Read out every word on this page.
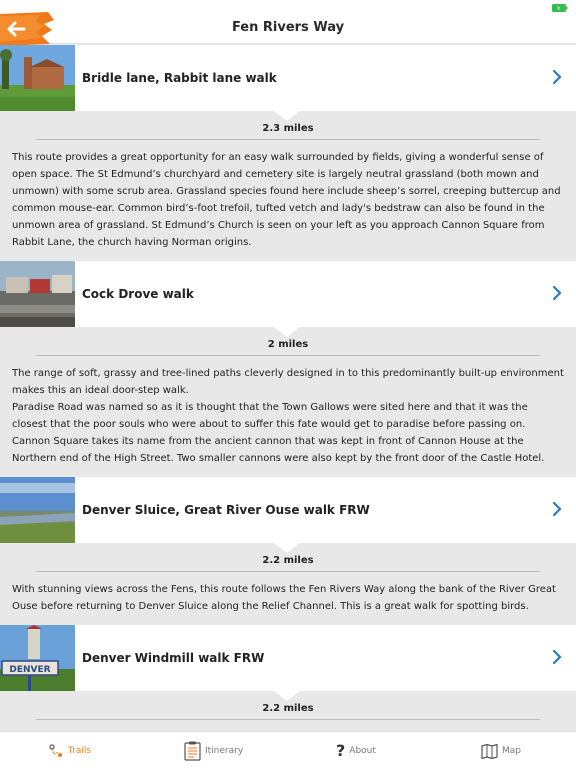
Fen Rivers Way
Bridle lane, Rabbit lane walk
2.3 miles

This route provides a great opportunity for an easy walk surrounded by fields, giving a wonderful sense of open space. The St Edmund’s churchyard and cemetery site is largely neutral grassland (both mown and unmown) with some scrub area. Grassland species found here include sheep’s sorrel, creeping buttercup and common mouse-ear. Common bird’s-foot trefoil, tufted vetch and lady's bedstraw can also be found in the unmown area of grassland. St Edmund’s Church is seen on your left as you approach Cannon Square from Rabbit Lane, the church having Norman origins.

Cock Drove walk
2 miles

The range of soft, grassy and tree-lined paths cleverly designed in to this predominantly built-up environment makes this an ideal door-step walk.

Paradise Road was named so as it is thought that the Town Gallows were sited here and that it was the closest that the poor souls who were about to suffer this fate would get to paradise before passing on.

Cannon Square takes its name from the ancient cannon that was kept in front of Cannon House at the Northern end of the High Street. Two smaller cannons were also kept by the front door of the Castle Hotel.

Denver Sluice, Great River Ouse walk FRW
2.2 miles

With stunning views across the Fens, this route follows the Fen Rivers Way along the bank of the River Great Ouse before returning to Denver Sluice along the Relief Channel. This is a great walk for spotting birds.

DENVER
Denver Windmill walk FRW
2.2 miles
Trails	Itinerary	? About	Map
